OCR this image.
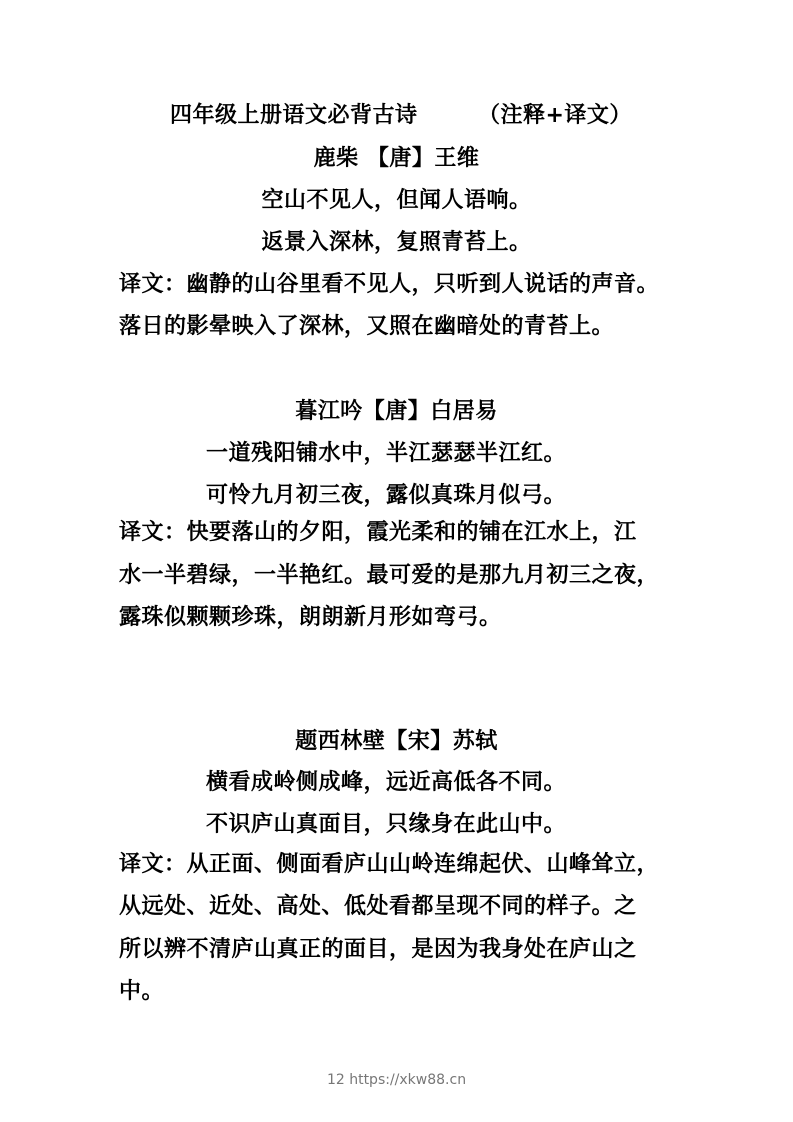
四年级上册语文必背古诗	（注释+译文）
鹿柴 【唐】王维
空山不见人，但闻人语响。
返景入深林，复照青苔上。
译文：幽静的山谷里看不见人，只听到人说话的声音。
落日的影晕映入了深林，又照在幽暗处的青苔上。
暮江吟【唐】白居易
一道残阳铺水中，半江瑟瑟半江红。
可怜九月初三夜，露似真珠月似弓。
译文：快要落山的夕阳，霞光柔和的铺在江水上，江
水一半碧绿，一半艳红。最可爱的是那九月初三之夜，
露珠似颗颗珍珠，朗朗新月形如弯弓。
题西林壁【宋】苏轼
横看成岭侧成峰，远近高低各不同。
不识庐山真面目，只缘身在此山中。
译文：从正面、侧面看庐山山岭连绵起伏、山峰耸立，
从远处、近处、高处、低处看都呈现不同的样子。之
所以辨不清庐山真正的面目，是因为我身处在庐山之
中。
12 https://xkw88.cn
